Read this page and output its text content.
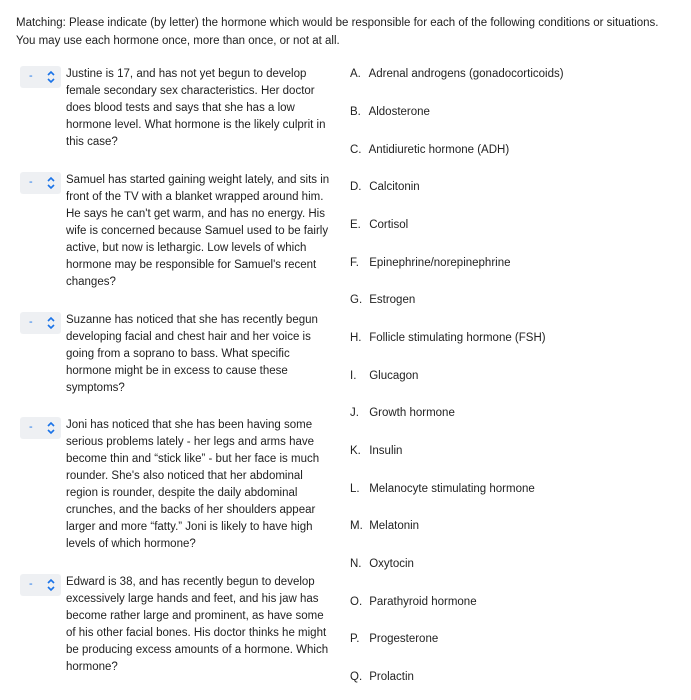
Matching: Please indicate (by letter) the hormone which would be responsible for each of the following conditions or situations. You may use each hormone once, more than once, or not at all.
-	Justine is 17, and has not yet begun to develop female secondary sex characteristics. Her doctor does blood tests and says that she has a low hormone level. What hormone is the likely culprit in this case?
-	Samuel has started gaining weight lately, and sits in front of the TV with a blanket wrapped around him. He says he can't get warm, and has no energy. His wife is concerned because Samuel used to be fairly active, but now is lethargic. Low levels of which hormone may be responsible for Samuel's recent changes?
-	Suzanne has noticed that she has recently begun developing facial and chest hair and her voice is going from a soprano to bass. What specific hormone might be in excess to cause these symptoms?
-	Joni has noticed that she has been having some serious problems lately - her legs and arms have become thin and “stick like” - but her face is much rounder. She's also noticed that her abdominal region is rounder, despite the daily abdominal crunches, and the backs of her shoulders appear larger and more “fatty.” Joni is likely to have high levels of which hormone?
-	Edward is 38, and has recently begun to develop excessively large hands and feet, and his jaw has become rather large and prominent, as have some of his other facial bones. His doctor thinks he might be producing excess amounts of a hormone. Which hormone?
A. Adrenal androgens (gonadocorticoids)
B. Aldosterone
C. Antidiuretic hormone (ADH)
D. Calcitonin
E. Cortisol
F. Epinephrine/norepinephrine
G. Estrogen
H. Follicle stimulating hormone (FSH)
I. Glucagon
J. Growth hormone
K. Insulin
L. Melanocyte stimulating hormone
M. Melatonin
N. Oxytocin
O. Parathyroid hormone
P. Progesterone
Q. Prolactin
